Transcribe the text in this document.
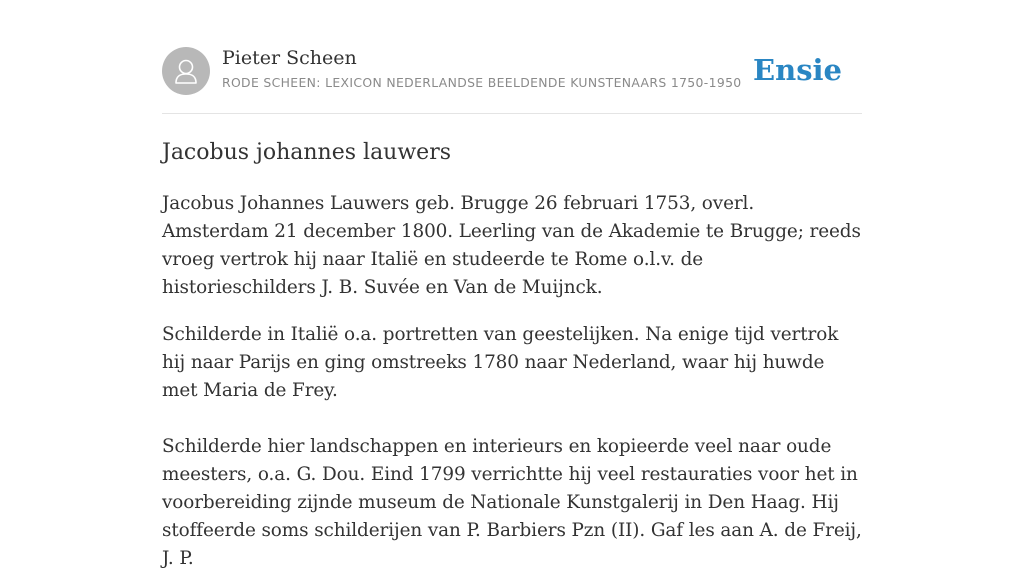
Pieter Scheen
RODE SCHEEN: LEXICON NEDERLANDSE BEELDENDE KUNSTENAARS 1750-1950 Ensie
Jacobus johannes lauwers

Jacobus Johannes Lauwers geb. Brugge 26 februari 1753, overl. Amsterdam 21 december 1800. Leerling van de Akademie te Brugge; reeds vroeg vertrok hij naar Italië en studeerde te Rome o.l.v. de historieschilders J. B. Suvée en Van de Muijnck.

Schilderde in Italië o.a. portretten van geestelijken. Na enige tijd vertrok hij naar Parijs en ging omstreeks 1780 naar Nederland, waar hij huwde met Maria de Frey.

Schilderde hier landschappen en interieurs en kopieerde veel naar oude meesters, o.a. G. Dou. Eind 1799 verrichtte hij veel restauraties voor het in voorbereiding zijnde museum de Nationale Kunstgalerij in Den Haag. Hij stoffeerde soms schilderijen van P. Barbiers Pzn (II). Gaf les aan A. de Freij, J. P.
